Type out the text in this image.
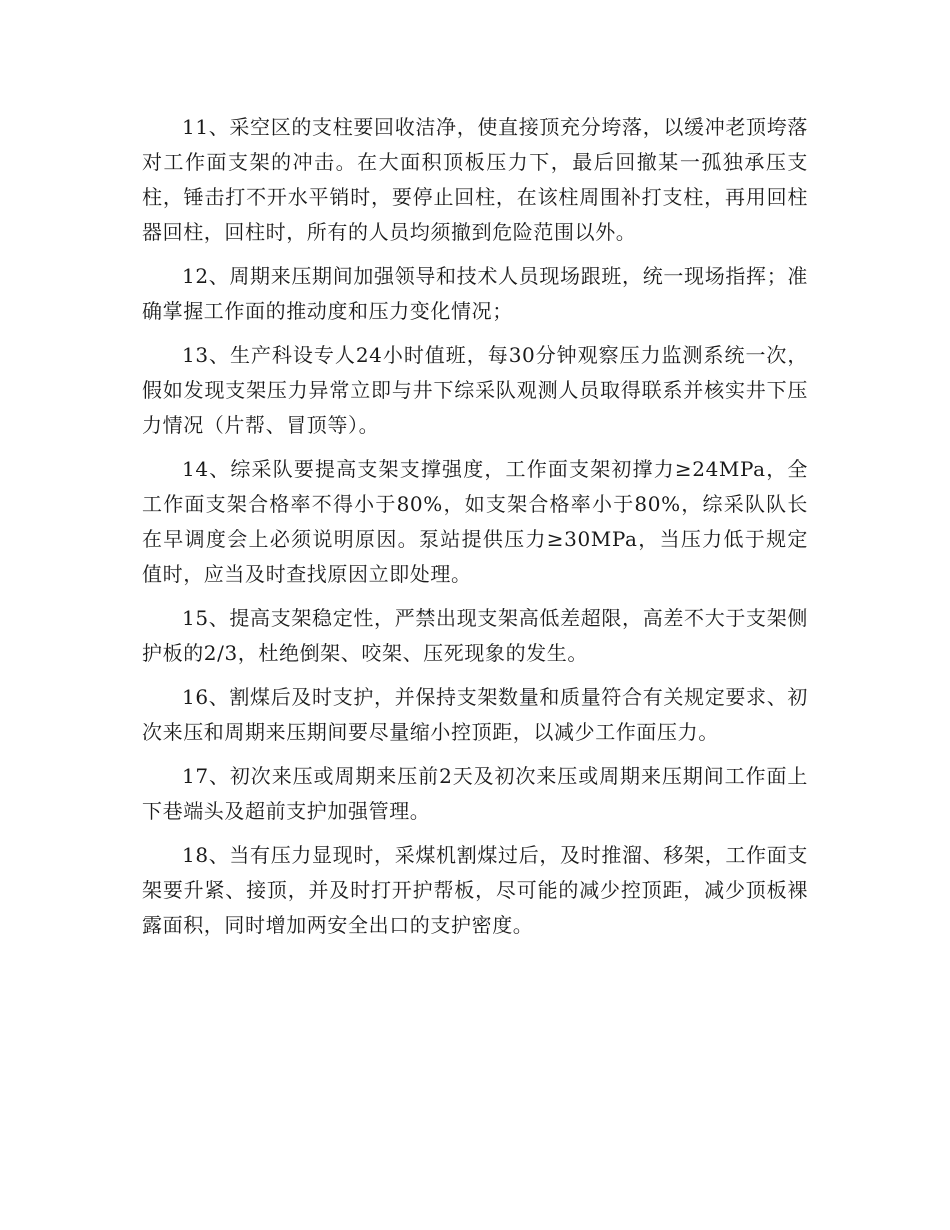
11、采空区的支柱要回收洁净，使直接顶充分垮落，以缓冲老顶垮落对工作面支架的冲击。在大面积顶板压力下，最后回撤某一孤独承压支柱，锤击打不开水平销时，要停止回柱，在该柱周围补打支柱，再用回柱器回柱，回柱时，所有的人员均须撤到危险范围以外。

12、周期来压期间加强领导和技术人员现场跟班，统一现场指挥；准确掌握工作面的推动度和压力变化情况；

13、生产科设专人24小时值班，每30分钟观察压力监测系统一次，假如发现支架压力异常立即与井下综采队观测人员取得联系并核实井下压力情况（片帮、冒顶等）。

14、综采队要提高支架支撑强度，工作面支架初撑力≥24MPa，全工作面支架合格率不得小于80%，如支架合格率小于80%，综采队队长在早调度会上必须说明原因。泵站提供压力≥30MPa，当压力低于规定值时，应当及时查找原因立即处理。

15、提高支架稳定性，严禁出现支架高低差超限，高差不大于支架侧护板的2/3，杜绝倒架、咬架、压死现象的发生。

16、割煤后及时支护，并保持支架数量和质量符合有关规定要求、初次来压和周期来压期间要尽量缩小控顶距，以减少工作面压力。

17、初次来压或周期来压前2天及初次来压或周期来压期间工作面上下巷端头及超前支护加强管理。

18、当有压力显现时，采煤机割煤过后，及时推溜、移架，工作面支架要升紧、接顶，并及时打开护帮板，尽可能的减少控顶距，减少顶板裸露面积，同时增加两安全出口的支护密度。
